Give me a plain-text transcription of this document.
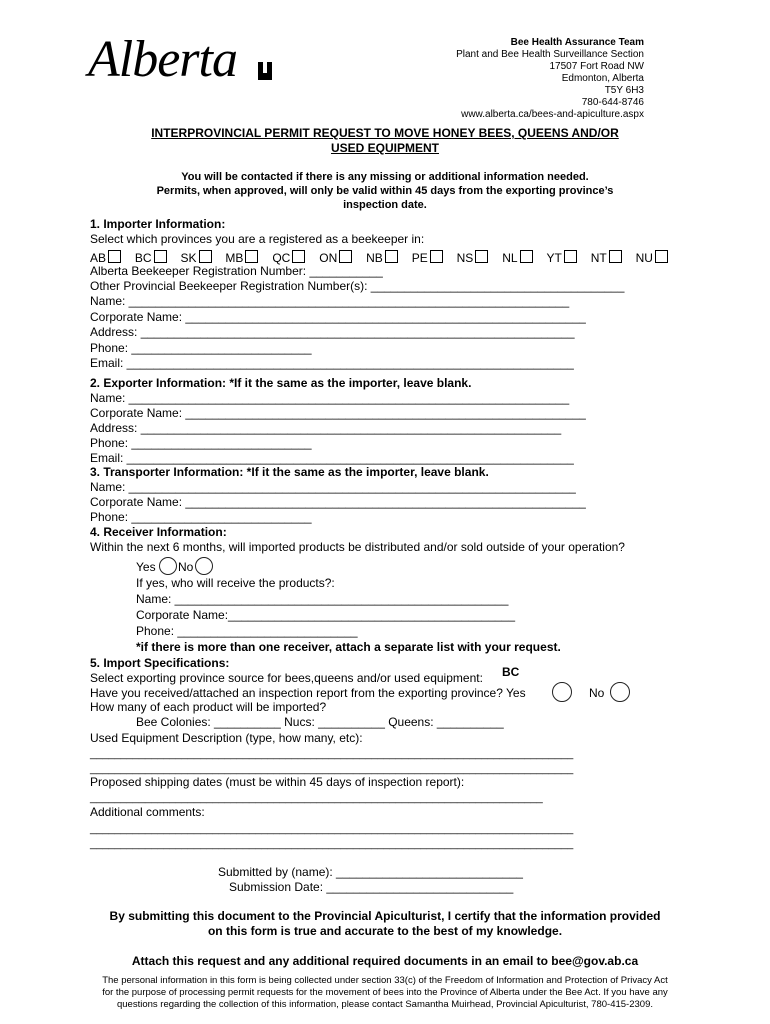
Alberta	Bee Health Assurance Team
Plant and Bee Health Surveillance Section
17507 Fort Road NW
Edmonton, Alberta
T5Y 6H3
780-644-8746
www.alberta.ca/bees-and-apiculture.aspx
INTERPROVINCIAL PERMIT REQUEST TO MOVE HONEY BEES, QUEENS AND/OR
USED EQUIPMENT
You will be contacted if there is any missing or additional information needed.
Permits, when approved, will only be valid within 45 days from the exporting province’s
inspection date.
1. Importer Information:
Select which provinces you are a registered as a beekeeper in:
AB	BC	SK	MB	QC	ON	NB	PE	NS	NL	YT	NT	NU
Alberta Beekeeper Registration Number: ___________
Other Provincial Beekeeper Registration Number(s): ______________________________________
Name: __________________________________________________________________
Corporate Name: ____________________________________________________________
Address: _________________________________________________________________
Phone: ___________________________
Email: ___________________________________________________________________
2. Exporter Information: *If it the same as the importer, leave blank.
Name: __________________________________________________________________
Corporate Name: ____________________________________________________________
Address: _______________________________________________________________
Phone: ___________________________
Email: ___________________________________________________________________
3. Transporter Information: *If it the same as the importer, leave blank.
Name: ___________________________________________________________________
Corporate Name: ____________________________________________________________
Phone: ___________________________
4. Receiver Information:
Within the next 6 months, will imported products be distributed and/or sold outside of your operation?
Yes No
If yes, who will receive the products?:
Name: __________________________________________________
Corporate Name:___________________________________________
Phone: ___________________________
*if there is more than one receiver, attach a separate list with your request.
5. Import Specifications:
Select exporting province source for bees,queens and/or used equipment: BC
Have you received/attached an inspection report from the exporting province? Yes	No
How many of each product will be imported?
Bee Colonies: __________ Nucs: __________ Queens: __________
Used Equipment Description (type, how many, etc):
_______________________________________________________________________________
_______________________________________________________________________________
Proposed shipping dates (must be within 45 days of inspection report):
__________________________________________________________________________
Additional comments:
_______________________________________________________________________________
_______________________________________________________________________________
Submitted by (name): ____________________________
Submission Date: ____________________________
By submitting this document to the Provincial Apiculturist, I certify that the information provided
on this form is true and accurate to the best of my knowledge.
Attach this request and any additional required documents in an email to bee@gov.ab.ca
The personal information in this form is being collected under section 33(c) of the Freedom of Information and Protection of Privacy Act
for the purpose of processing permit requests for the movement of bees into the Province of Alberta under the Bee Act. If you have any
questions regarding the collection of this information, please contact Samantha Muirhead, Provincial Apiculturist, 780-415-2309.
